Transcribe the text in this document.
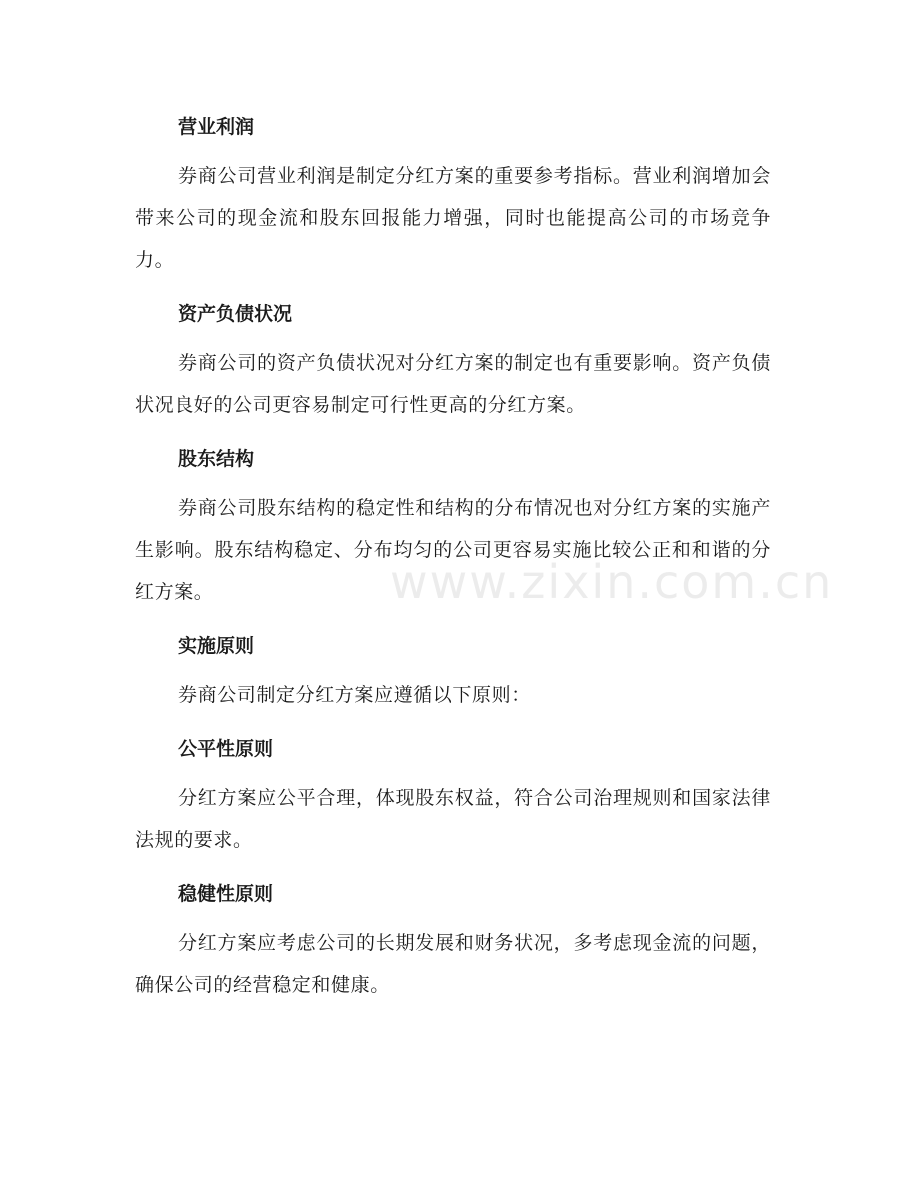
www.zixin.com.cn
营业利润

券商公司营业利润是制定分红方案的重要参考指标。营业利润增加会带来公司的现金流和股东回报能力增强，同时也能提高公司的市场竞争力。

资产负债状况

券商公司的资产负债状况对分红方案的制定也有重要影响。资产负债状况良好的公司更容易制定可行性更高的分红方案。

股东结构

券商公司股东结构的稳定性和结构的分布情况也对分红方案的实施产生影响。股东结构稳定、分布均匀的公司更容易实施比较公正和和谐的分红方案。

实施原则

券商公司制定分红方案应遵循以下原则：

公平性原则

分红方案应公平合理，体现股东权益，符合公司治理规则和国家法律法规的要求。

稳健性原则

分红方案应考虑公司的长期发展和财务状况，多考虑现金流的问题，确保公司的经营稳定和健康。
